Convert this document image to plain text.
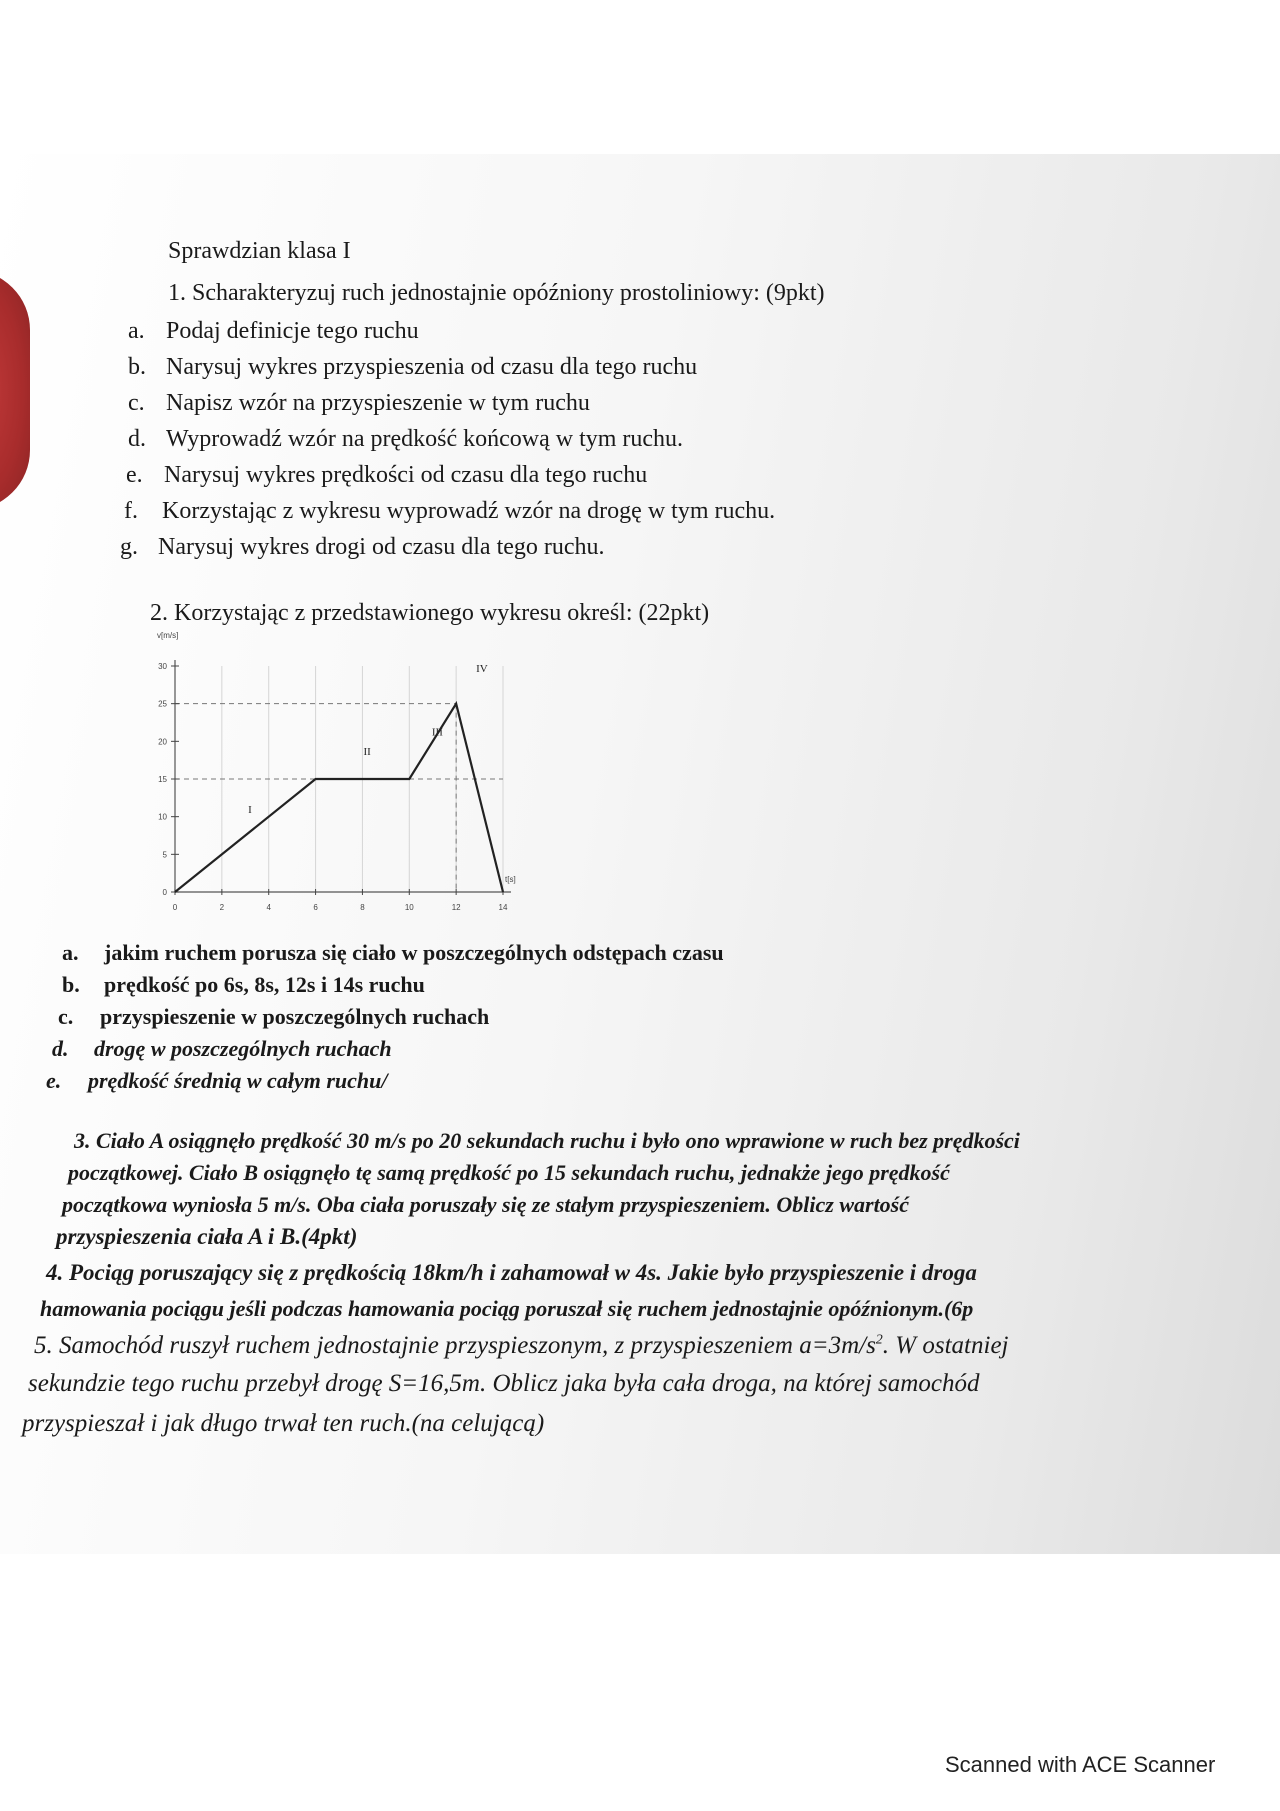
Sprawdzian klasa I
1. Scharakteryzuj ruch jednostajnie opóźniony prostoliniowy: (9pkt)
a. Podaj definicje tego ruchu
b. Narysuj wykres przyspieszenia od czasu dla tego ruchu
c. Napisz wzór na przyspieszenie w tym ruchu
d. Wyprowadź wzór na prędkość końcową w tym ruchu.
e. Narysuj wykres prędkości od czasu dla tego ruchu
f. Korzystając z wykresu wyprowadź wzór na drogę w tym ruchu.
g. Narysuj wykres drogi od czasu dla tego ruchu.
2. Korzystając z przedstawionego wykresu określ: (22pkt)
0
5
10
15
20
25
30
0	2	4	6	8	10	12	14
v[m/s]
t[s]
I
II
III
IV
a. jakim ruchem porusza się ciało w poszczególnych odstępach czasu
b. prędkość po 6s, 8s, 12s i 14s ruchu
c. przyspieszenie w poszczególnych ruchach
d. drogę w poszczególnych ruchach
e. prędkość średnią w całym ruchu/
3. Ciało A osiągnęło prędkość 30 m/s po 20 sekundach ruchu i było ono wprawione w ruch bez prędkości
początkowej. Ciało B osiągnęło tę samą prędkość po 15 sekundach ruchu, jednakże jego prędkość
początkowa wyniosła 5 m/s. Oba ciała poruszały się ze stałym przyspieszeniem. Oblicz wartość
przyspieszenia ciała A i B.(4pkt)
4. Pociąg poruszający się z prędkością 18km/h i zahamował w 4s. Jakie było przyspieszenie i droga
hamowania pociągu jeśli podczas hamowania pociąg poruszał się ruchem jednostajnie opóźnionym.(6p
5. Samochód ruszył ruchem jednostajnie przyspieszonym, z przyspieszeniem $a=3m/s^2$. W ostatniej
sekundzie tego ruchu przebył drogę S=16,5m. Oblicz jaka była cała droga, na której samochód
przyspieszał i jak długo trwał ten ruch.(na celującą)
Scanned with ACE Scanner
